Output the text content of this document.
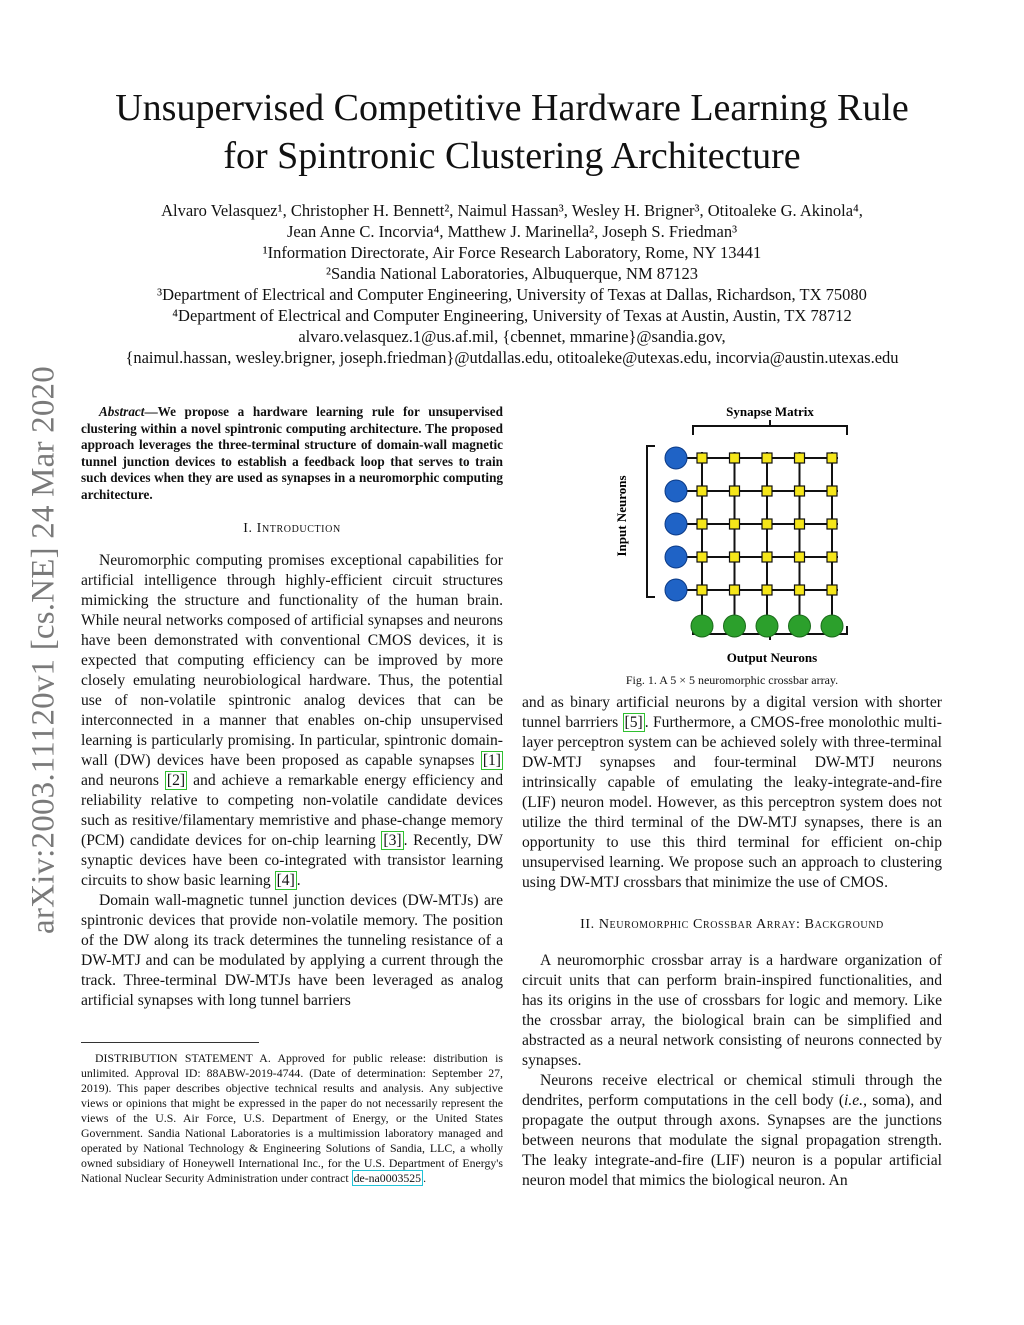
arXiv:2003.11120v1 [cs.NE] 24 Mar 2020
Unsupervised Competitive Hardware Learning Rule
for Spintronic Clustering Architecture
Alvaro Velasquez¹, Christopher H. Bennett², Naimul Hassan³, Wesley H. Brigner³, Otitoaleke G. Akinola⁴,
Jean Anne C. Incorvia⁴, Matthew J. Marinella², Joseph S. Friedman³
¹Information Directorate, Air Force Research Laboratory, Rome, NY 13441
²Sandia National Laboratories, Albuquerque, NM 87123
³Department of Electrical and Computer Engineering, University of Texas at Dallas, Richardson, TX 75080
⁴Department of Electrical and Computer Engineering, University of Texas at Austin, Austin, TX 78712
alvaro.velasquez.1@us.af.mil, {cbennet, mmarine}@sandia.gov,
{naimul.hassan, wesley.brigner, joseph.friedman}@utdallas.edu, otitoaleke@utexas.edu, incorvia@austin.utexas.edu

Abstract—We propose a hardware learning rule for unsupervised clustering within a novel spintronic computing architecture. The proposed approach leverages the three-terminal structure of domain-wall magnetic tunnel junction devices to establish a feedback loop that serves to train such devices when they are used as synapses in a neuromorphic computing architecture.

I. Introduction

Neuromorphic computing promises exceptional capabilities for artificial intelligence through highly-efficient circuit structures mimicking the structure and functionality of the human brain. While neural networks composed of artificial synapses and neurons have been demonstrated with conventional CMOS devices, it is expected that computing efficiency can be improved by more closely emulating neurobiological hardware. Thus, the potential use of non-volatile spintronic analog devices that can be interconnected in a manner that enables on-chip unsupervised learning is particularly promising. In particular, spintronic domain-wall (DW) devices have been proposed as capable synapses [1] and neurons [2] and achieve a remarkable energy efficiency and reliability relative to competing non-volatile candidate devices such as resitive/filamentary memristive and phase-change memory (PCM) candidate devices for on-chip learning [3] . Recently, DW synaptic devices have been co-integrated with transistor learning circuits to show basic learning [4] .

Domain wall-magnetic tunnel junction devices (DW-MTJs) are spintronic devices that provide non-volatile memory. The position of the DW along its track determines the tunneling resistance of a DW-MTJ and can be modulated by applying a current through the track. Three-terminal DW-MTJs have been leveraged as analog artificial synapses with long tunnel barriers

DISTRIBUTION STATEMENT A. Approved for public release: distribution is unlimited. Approval ID: 88ABW-2019-4744. (Date of determination: September 27, 2019). This paper describes objective technical results and analysis. Any subjective views or opinions that might be expressed in the paper do not necessarily represent the views of the U.S. Air Force, U.S. Department of Energy, or the United States Government. Sandia National Laboratories is a multimission laboratory managed and operated by National Technology & Engineering Solutions of Sandia, LLC, a wholly owned subsidiary of Honeywell International Inc., for the U.S. Department of Energy's National Nuclear Security Administration under contract de-na0003525 .
Synapse Matrix
Input Neurons
Output Neurons
Fig. 1. A 5 × 5 neuromorphic crossbar array.

and as binary artificial neurons by a digital version with shorter tunnel barrriers [5] . Furthermore, a CMOS-free monolothic multi-layer perceptron system can be achieved solely with three-terminal DW-MTJ synapses and four-terminal DW-MTJ neurons intrinsically capable of emulating the leaky-integrate-and-fire (LIF) neuron model. However, as this perceptron system does not utilize the third terminal of the DW-MTJ synapses, there is an opportunity to use this third terminal for efficient on-chip unsupervised learning. We propose such an approach to clustering using DW-MTJ crossbars that minimize the use of CMOS.

II. Neuromorphic Crossbar Array: Background

A neuromorphic crossbar array is a hardware organization of circuit units that can perform brain-inspired functionalities, and has its origins in the use of crossbars for logic and memory. Like the crossbar array, the biological brain can be simplified and abstracted as a neural network consisting of neurons connected by synapses.

Neurons receive electrical or chemical stimuli through the dendrites, perform computations in the cell body (i.e., soma), and propagate the output through axons. Synapses are the junctions between neurons that modulate the signal propagation strength. The leaky integrate-and-fire (LIF) neuron is a popular artificial neuron model that mimics the biological neuron. An
